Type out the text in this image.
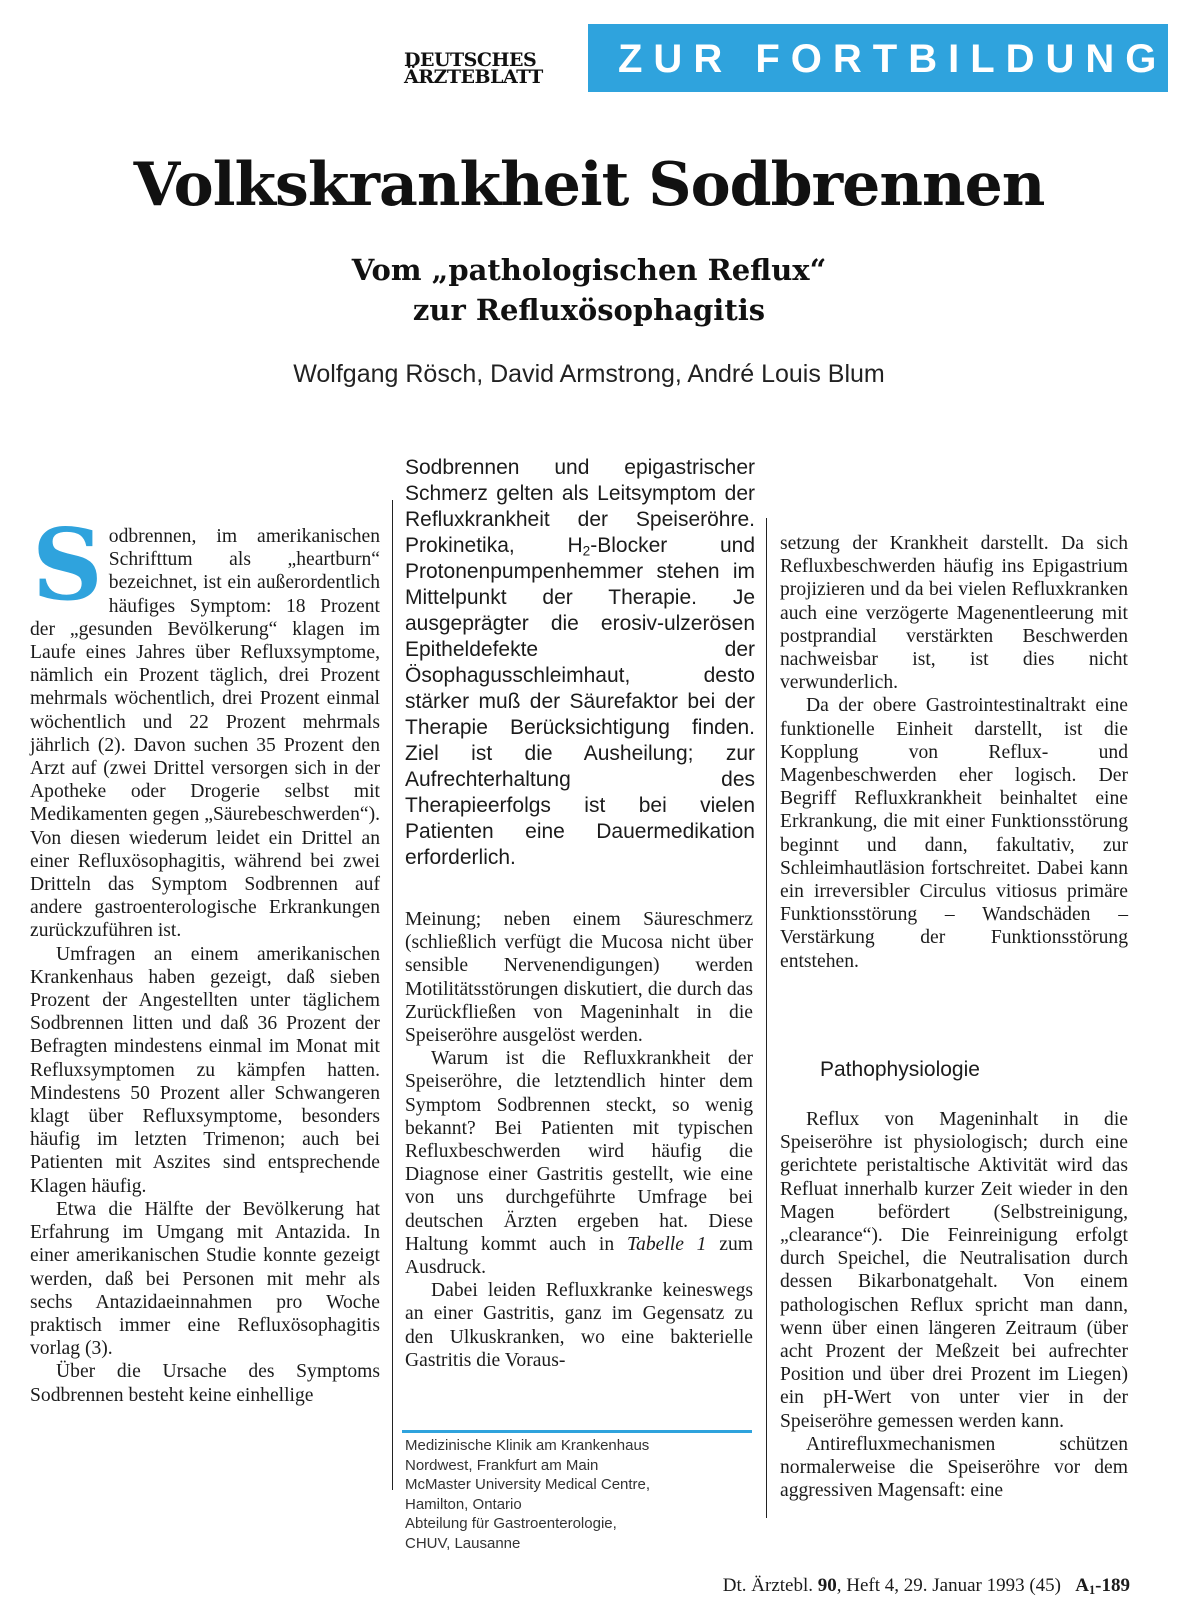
DEUTSCHES
ÄRZTEBLATT	ZUR FORTBILDUNG
Volkskrankheit Sodbrennen
Vom „pathologischen Reflux“
zur Refluxösophagitis
Wolfgang Rösch, David Armstrong, André Louis Blum
S odbrennen, im amerikanischen Schrifttum als „heartburn“ bezeichnet, ist ein außerordentlich häufiges Symptom: 18 Prozent der „gesunden Bevölkerung“ klagen im Laufe eines Jahres über Refluxsymptome, nämlich ein Prozent täglich, drei Prozent mehrmals wöchentlich, drei Prozent einmal wöchentlich und 22 Prozent mehrmals jährlich (2). Davon suchen 35 Prozent den Arzt auf (zwei Drittel versorgen sich in der Apotheke oder Drogerie selbst mit Medikamenten gegen „Säurebeschwerden“). Von diesen wiederum leidet ein Drittel an einer Refluxösophagitis, während bei zwei Dritteln das Symptom Sodbrennen auf andere gastroenterologische Erkrankungen zurückzuführen ist.

Umfragen an einem amerikanischen Krankenhaus haben gezeigt, daß sieben Prozent der Angestellten unter täglichem Sodbrennen litten und daß 36 Prozent der Befragten mindestens einmal im Monat mit Refluxsymptomen zu kämpfen hatten. Mindestens 50 Prozent aller Schwangeren klagt über Refluxsymptome, besonders häufig im letzten Trimenon; auch bei Patienten mit Aszites sind entsprechende Klagen häufig.

Etwa die Hälfte der Bevölkerung hat Erfahrung im Umgang mit Antazida. In einer amerikanischen Studie konnte gezeigt werden, daß bei Personen mit mehr als sechs Antazidaeinnahmen pro Woche praktisch immer eine Refluxösophagitis vorlag (3).

Über die Ursache des Symptoms Sodbrennen besteht keine einhellige

Sodbrennen und epigastrischer Schmerz gelten als Leitsymptom der Refluxkrankheit der Speiseröhre. Prokinetika, $H_2$-Blocker und Protonenpumpenhemmer stehen im Mittelpunkt der Therapie. Je ausgeprägter die erosiv-ulzerösen Epitheldefekte der Ösophagusschleimhaut, desto stärker muß der Säurefaktor bei der Therapie Berücksichtigung finden. Ziel ist die Ausheilung; zur Aufrechterhaltung des Therapieerfolgs ist bei vielen Patienten eine Dauermedikation erforderlich.

Meinung; neben einem Säureschmerz (schließlich verfügt die Mucosa nicht über sensible Nervenendigungen) werden Motilitätsstörungen diskutiert, die durch das Zurückfließen von Mageninhalt in die Speiseröhre ausgelöst werden.

Warum ist die Refluxkrankheit der Speiseröhre, die letztendlich hinter dem Symptom Sodbrennen steckt, so wenig bekannt? Bei Patienten mit typischen Refluxbeschwerden wird häufig die Diagnose einer Gastritis gestellt, wie eine von uns durchgeführte Umfrage bei deutschen Ärzten ergeben hat. Diese Haltung kommt auch in Tabelle 1 zum Ausdruck.

Dabei leiden Refluxkranke keineswegs an einer Gastritis, ganz im Gegensatz zu den Ulkuskranken, wo eine bakterielle Gastritis die Voraus-

Medizinische Klinik am Krankenhaus
Nordwest, Frankfurt am Main
McMaster University Medical Centre,
Hamilton, Ontario
Abteilung für Gastroenterologie,
CHUV, Lausanne

setzung der Krankheit darstellt. Da sich Refluxbeschwerden häufig ins Epigastrium projizieren und da bei vielen Refluxkranken auch eine verzögerte Magenentleerung mit postprandial verstärkten Beschwerden nachweisbar ist, ist dies nicht verwunderlich.

Da der obere Gastrointestinaltrakt eine funktionelle Einheit darstellt, ist die Kopplung von Reflux- und Magenbeschwerden eher logisch. Der Begriff Refluxkrankheit beinhaltet eine Erkrankung, die mit einer Funktionsstörung beginnt und dann, fakultativ, zur Schleimhautläsion fortschreitet. Dabei kann ein irreversibler Circulus vitiosus primäre Funktionsstörung – Wandschäden – Verstärkung der Funktionsstörung entstehen.

Pathophysiologie

Reflux von Mageninhalt in die Speiseröhre ist physiologisch; durch eine gerichtete peristaltische Aktivität wird das Refluat innerhalb kurzer Zeit wieder in den Magen befördert (Selbstreinigung, „clearance“). Die Feinreinigung erfolgt durch Speichel, die Neutralisation durch dessen Bikarbonatgehalt. Von einem pathologischen Reflux spricht man dann, wenn über einen längeren Zeitraum (über acht Prozent der Meßzeit bei aufrechter Position und über drei Prozent im Liegen) ein pH-Wert von unter vier in der Speiseröhre gemessen werden kann.

Antirefluxmechanismen schützen normalerweise die Speiseröhre vor dem aggressiven Magensaft: eine

Dt. Ärztebl. 90, Heft 4, 29. Januar 1993 (45) $A_1-189$
